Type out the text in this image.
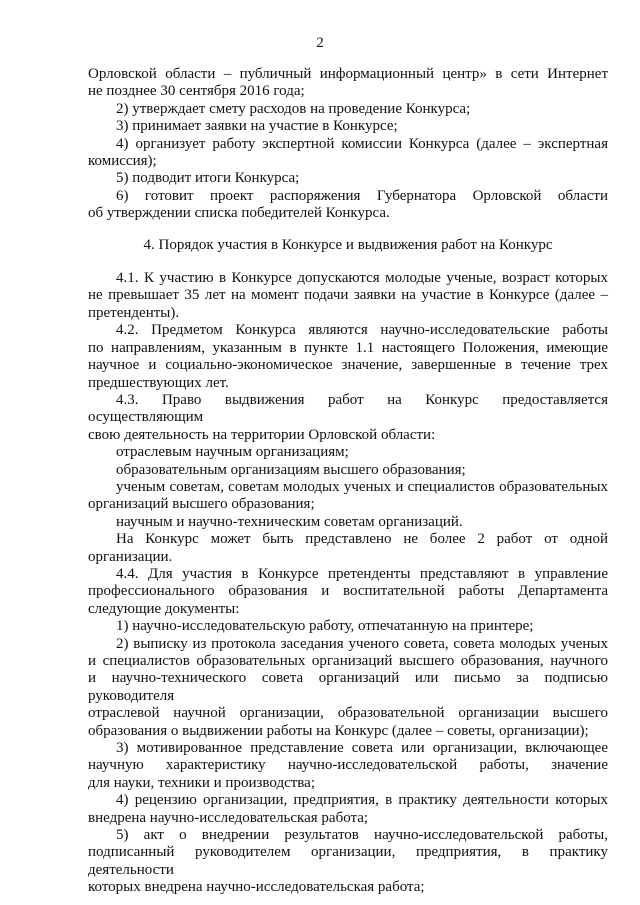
2

Орловской области – публичный информационный центр» в сети Интернет
не позднее 30 сентября 2016 года;

2) утверждает смету расходов на проведение Конкурса;

3) принимает заявки на участие в Конкурсе;

4) организует работу экспертной комиссии Конкурса (далее – экспертная
комиссия);

5) подводит итоги Конкурса;

6) готовит проект распоряжения Губернатора Орловской области
об утверждении списка победителей Конкурса.

4. Порядок участия в Конкурсе и выдвижения работ на Конкурс

4.1. К участию в Конкурсе допускаются молодые ученые, возраст которых
не превышает 35 лет на момент подачи заявки на участие в Конкурсе (далее –
претенденты).

4.2. Предметом Конкурса являются научно-исследовательские работы
по направлениям, указанным в пункте 1.1 настоящего Положения, имеющие
научное и социально-экономическое значение, завершенные в течение трех
предшествующих лет.

4.3. Право выдвижения работ на Конкурс предоставляется осуществляющим
свою деятельность на территории Орловской области:

отраслевым научным организациям;

образовательным организациям высшего образования;

ученым советам, советам молодых ученых и специалистов образовательных
организаций высшего образования;

научным и научно-техническим советам организаций.

На Конкурс может быть представлено не более 2 работ от одной организации.

4.4. Для участия в Конкурсе претенденты представляют в управление
профессионального образования и воспитательной работы Департамента
следующие документы:

1) научно-исследовательскую работу, отпечатанную на принтере;

2) выписку из протокола заседания ученого совета, совета молодых ученых
и специалистов образовательных организаций высшего образования, научного
и научно-технического совета организаций или письмо за подписью руководителя
отраслевой научной организации, образовательной организации высшего
образования о выдвижении работы на Конкурс (далее – советы, организации);

3) мотивированное представление совета или организации, включающее
научную характеристику научно-исследовательской работы, значение
для науки, техники и производства;

4) рецензию организации, предприятия, в практику деятельности которых
внедрена научно-исследовательская работа;

5) акт о внедрении результатов научно-исследовательской работы,
подписанный руководителем организации, предприятия, в практику деятельности
которых внедрена научно-исследовательская работа;
